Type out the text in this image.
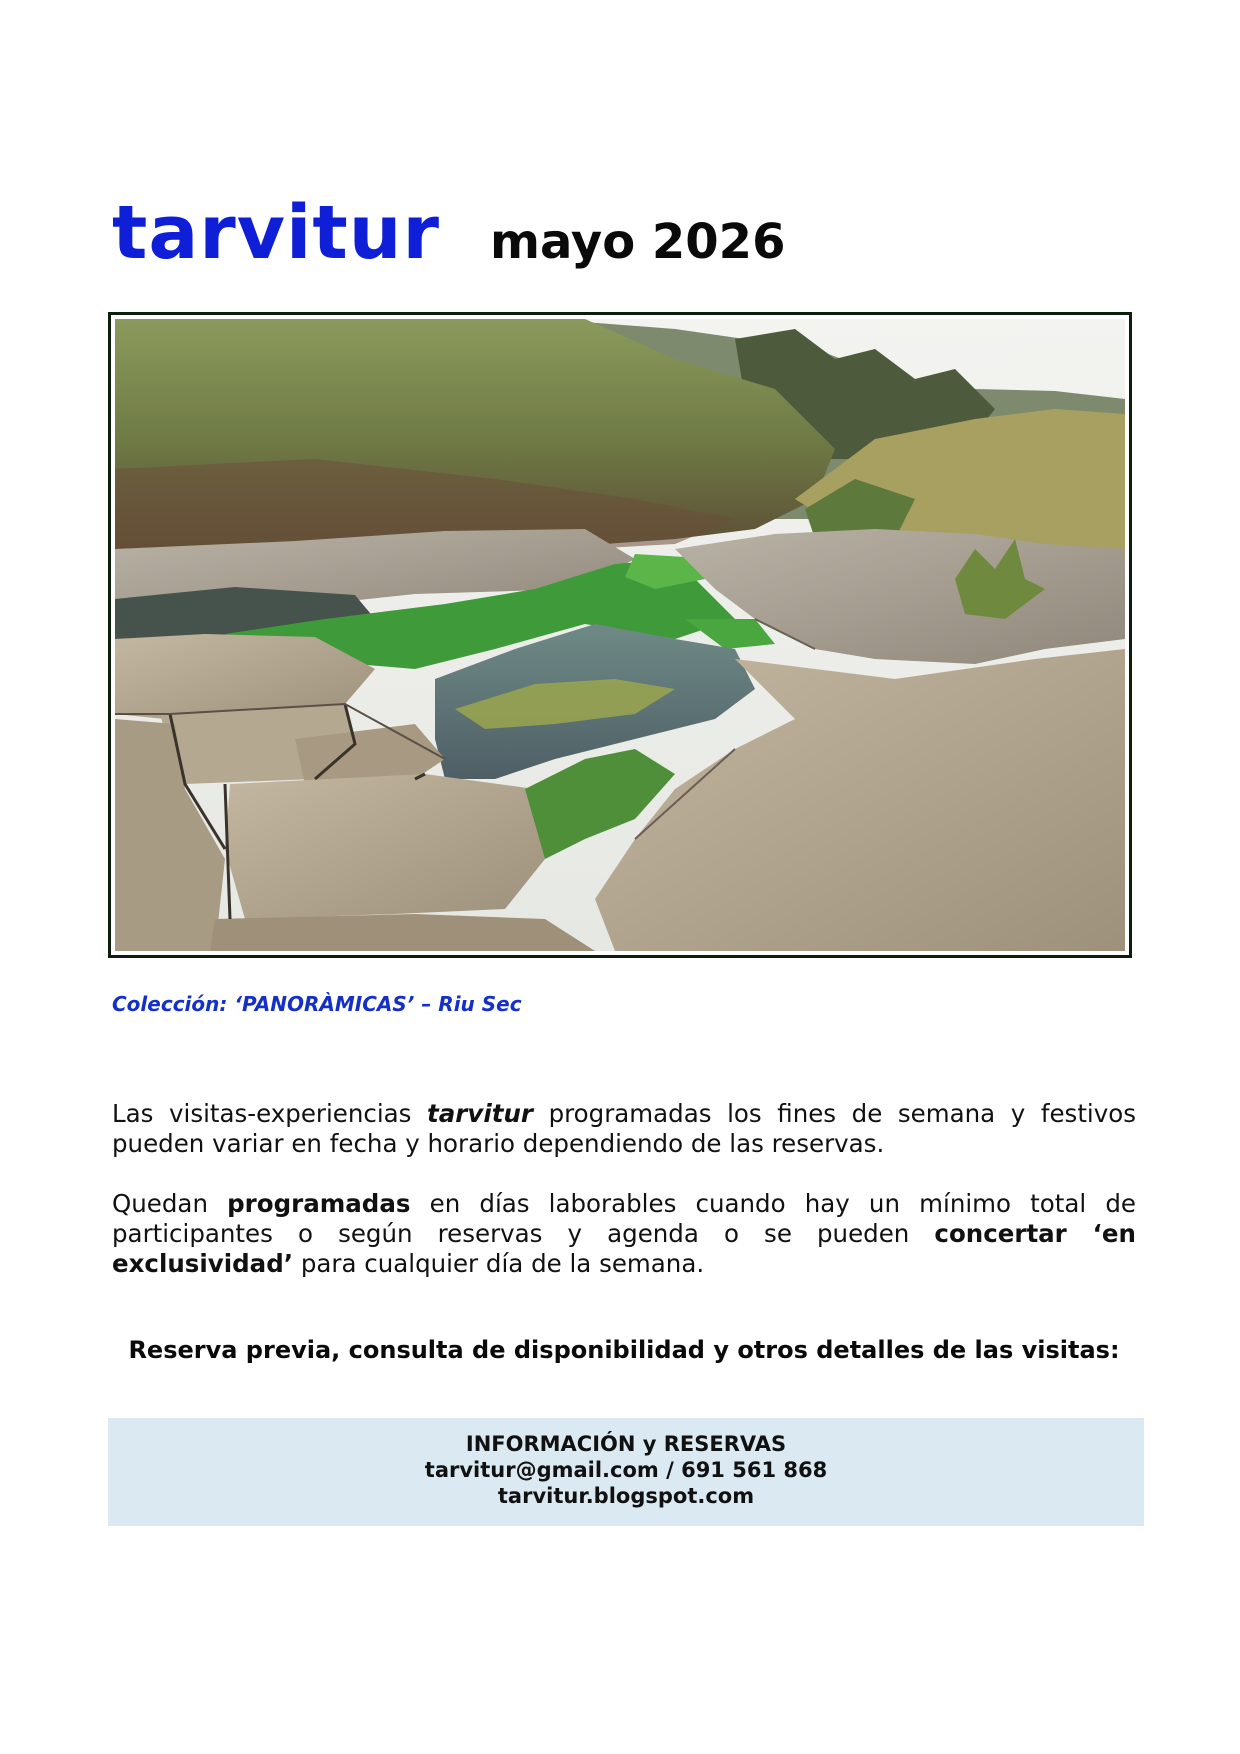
tarvitur mayo 2026
Colección: ‘PANORÀMICAS’ – Riu Sec
Las visitas-experiencias tarvitur programadas los fines de semana y festivos pueden variar en fecha y horario dependiendo de las reservas.
Quedan programadas en días laborables cuando hay un mínimo total de participantes o según reservas y agenda o se pueden concertar ‘en exclusividad’ para cualquier día de la semana.
Reserva previa, consulta de disponibilidad y otros detalles de las visitas:
INFORMACIÓN y RESERVAS
tarvitur@gmail.com / 691 561 868
tarvitur.blogspot.com
